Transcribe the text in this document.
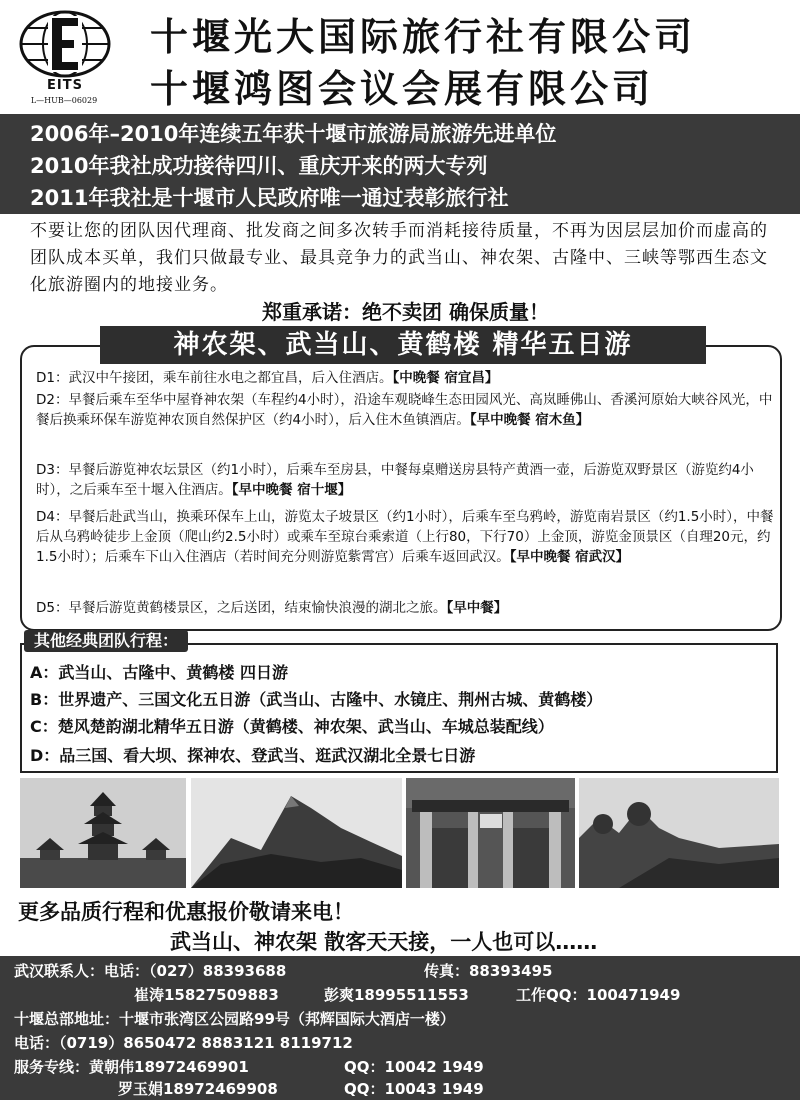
EITS
L—HUB—06029
十堰光大国际旅行社有限公司
十堰鸿图会议会展有限公司
2006年–2010年连续五年获十堰市旅游局旅游先进单位
2010年我社成功接待四川、重庆开来的两大专列
2011年我社是十堰市人民政府唯一通过表彰旅行社
不要让您的团队因代理商、批发商之间多次转手而消耗接待质量，不再为因层层加价而虚高的团队成本买单，我们只做最专业、最具竞争力的武当山、神农架、古隆中、三峡等鄂西生态文化旅游圈内的地接业务。
郑重承诺：绝不卖团 确保质量！
神农架、武当山、黄鹤楼 精华五日游
D1：武汉中午接团，乘车前往水电之都宜昌，后入住酒店。【中晚餐 宿宜昌】
D2：早餐后乘车至华中屋脊神农架（车程约4小时），沿途车观晓峰生态田园风光、高岚睡佛山、香溪河原始大峡谷风光，中餐后换乘环保车游览神农顶自然保护区（约4小时），后入住木鱼镇酒店。【早中晚餐 宿木鱼】
D3：早餐后游览神农坛景区（约1小时），后乘车至房县，中餐每桌赠送房县特产黄酒一壶，后游览双野景区（游览约4小时），之后乘车至十堰入住酒店。【早中晚餐 宿十堰】
D4：早餐后赴武当山，换乘环保车上山，游览太子坡景区（约1小时），后乘车至乌鸦岭，游览南岩景区（约1.5小时），中餐后从乌鸦岭徒步上金顶（爬山约2.5小时）或乘车至琼台乘索道（上行80，下行70）上金顶，游览金顶景区（自理20元，约1.5小时）；后乘车下山入住酒店（若时间充分则游览紫霄宫）后乘车返回武汉。【早中晚餐 宿武汉】
D5：早餐后游览黄鹤楼景区，之后送团，结束愉快浪漫的湖北之旅。【早中餐】
其他经典团队行程：
A：武当山、古隆中、黄鹤楼 四日游
B：世界遗产、三国文化五日游（武当山、古隆中、水镜庄、荆州古城、黄鹤楼）
C：楚风楚韵湖北精华五日游（黄鹤楼、神农架、武当山、车城总装配线）
D：品三国、看大坝、探神农、登武当、逛武汉湖北全景七日游
更多品质行程和优惠报价敬请来电！
武当山、神农架 散客天天接，一人也可以……
武汉联系人：电话：（027）88393688	传真：88393495
崔涛15827509883	彭爽18995511553	工作QQ：100471949
十堰总部地址：十堰市张湾区公园路99号（邦辉国际大酒店一楼）
电话：（0719）8650472 8883121 8119712
服务专线：黄朝伟18972469901	QQ：10042 1949
罗玉娟18972469908	QQ：10043 1949
